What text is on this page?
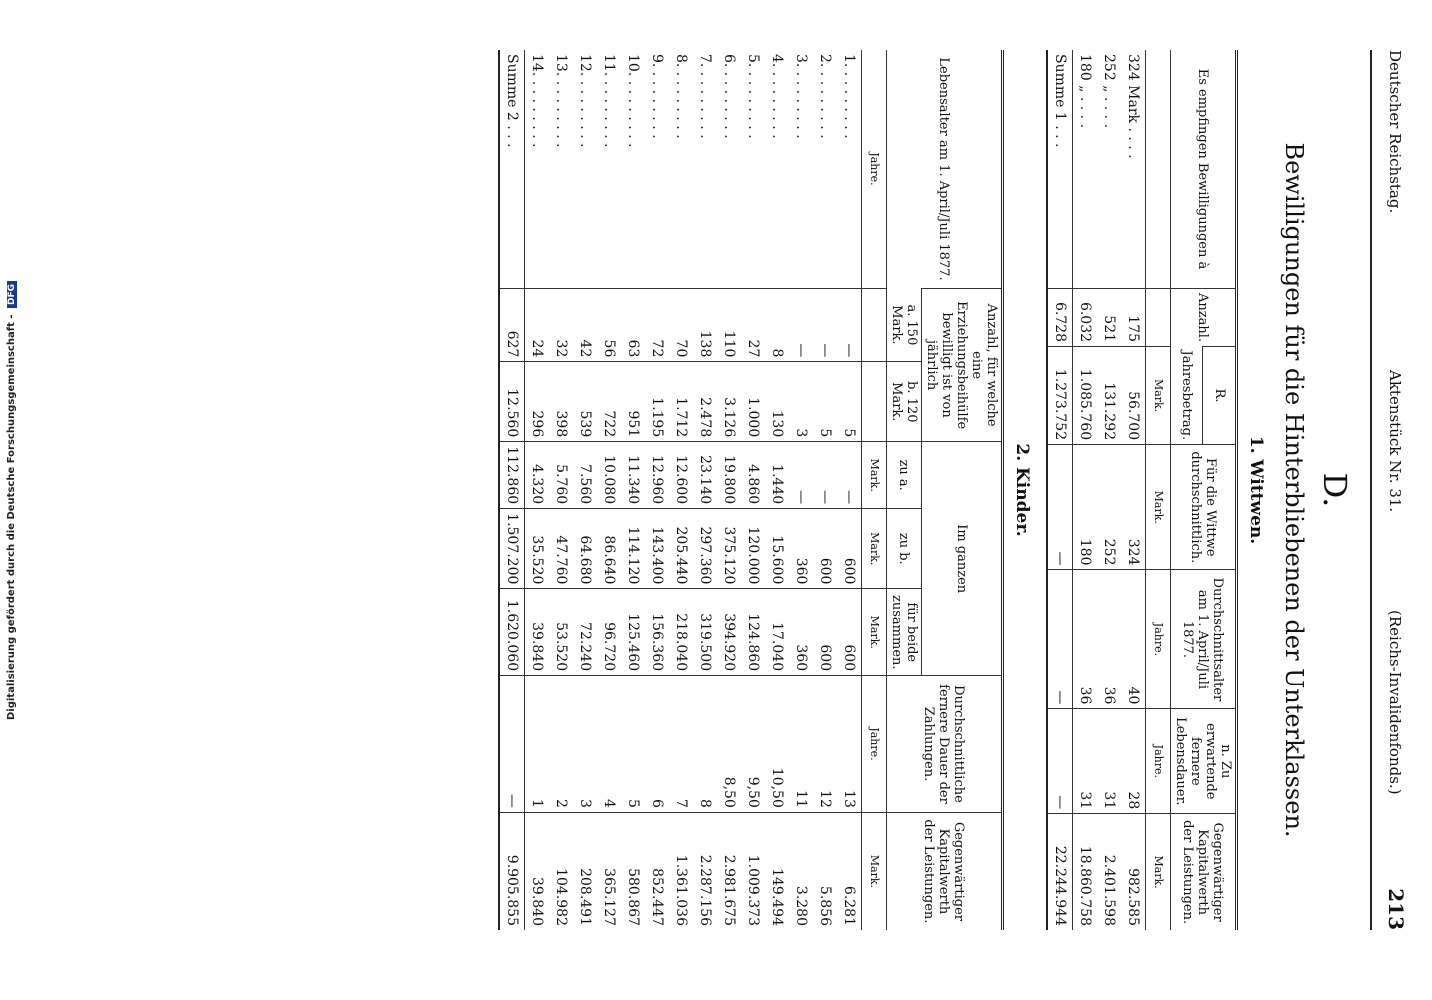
Digitalisierung gefördert durch die Deutsche Forschungsgemeinschaft - DFG
Deutscher Reichstag.
Aktenstück Nr. 31.
(Reichs-Invalidenfonds.)
213
D.
Bewilligungen für die Hinterbliebenen der Unterklassen.
1. Wittwen.
Es empfingen Bewilligungen à	Anzahl.	R.	Für die Wittwe durchschnittlich.	Durchschnittsalter am 1. April/Juli 1877.	n. Zu erwartende fernere Lebensdauer.	Gegenwärtiger Kapitalwerth der Leistungen.
		Jahresbetrag.				
		Mark.	Mark.	Jahre.	Jahre.	Mark.
324 Mark . . . .	175	56.700	324	40	28	982.585
252 „ . . . .	521	131.292	252	36	31	2.401.598
180 „ . . . .	6.032	1.085.760	180	36	31	18.860.758
Summe 1 . . .	6.728	1.273.752	—	—	—	22.244.944
2. Kinder.
Lebensalter am 1. April/Juli 1877.	Anzahl, für welche eine Erziehungsbeihülfe bewilligt ist von jährlich		Im ganzen			Durchschnittliche fernere Dauer der Zahlungen.	Gegenwärtiger Kapitalwerth der Leistungen.
	a. 150 Mark.	b. 120 Mark.	zu a.	zu b.	für beide zusammen.		
Jahre.			Mark.	Mark.	Mark.	Jahre.	Mark.
1. . . . . . . . .	—	5	—	600	600	13	6.281
2. . . . . . . . .	—	5	—	600	600	12	5.856
3. . . . . . . . .	—	3	—	360	360	11	3.280
4. . . . . . . . .	8	130	1.440	15.600	17.040	10,50	149.494
5. . . . . . . . .	27	1.000	4.860	120.000	124.860	9,50	1.009.373
6. . . . . . . . .	110	3.126	19.800	375.120	394.920	8,50	2.981.675
7. . . . . . . . .	138	2.478	23.140	297.360	319.500	8	2.287.156
8. . . . . . . . .	70	1.712	12.600	205.440	218.040	7	1.361.036
9. . . . . . . . .	72	1.195	12.960	143.400	156.360	6	852.447
10. . . . . . . . .	63	951	11.340	114.120	125.460	5	580.867
11. . . . . . . . .	56	722	10.080	86.640	96.720	4	365.127
12. . . . . . . . .	42	539	7.560	64.680	72.240	3	208.491
13. . . . . . . . .	32	398	5.760	47.760	53.520	2	104.982
14. . . . . . . . .	24	296	4.320	35.520	39.840	1	39.840
Summe 2 . . .	627	12.560	112.860	1.507.200	1.620.060	—	9.905.855
